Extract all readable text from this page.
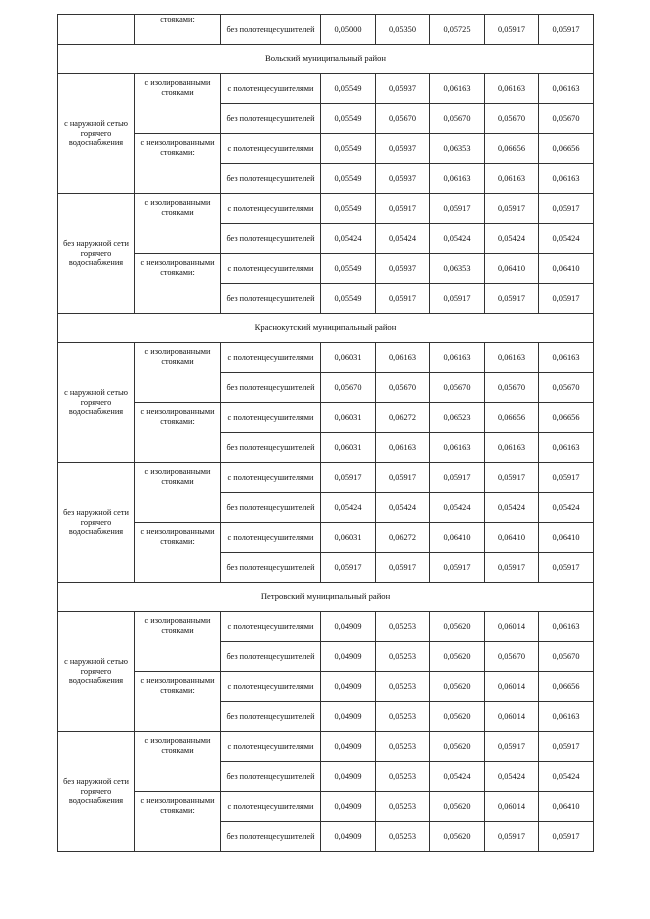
	стояками:	без полотенцесушителей	0,05000	0,05350	0,05725	0,05917	0,05917
Вольский муниципальный район							
с наружной сетью горячего водоснабжения	с изолированными стояками	с полотенцесушителями	0,05549	0,05937	0,06163	0,06163	0,06163
		без полотенцесушителей	0,05549	0,05670	0,05670	0,05670	0,05670
	с неизолированными стояками:	с полотенцесушителями	0,05549	0,05937	0,06353	0,06656	0,06656
		без полотенцесушителей	0,05549	0,05937	0,06163	0,06163	0,06163
без наружной сети горячего водоснабжения	с изолированными стояками	с полотенцесушителями	0,05549	0,05917	0,05917	0,05917	0,05917
		без полотенцесушителей	0,05424	0,05424	0,05424	0,05424	0,05424
	с неизолированными стояками:	с полотенцесушителями	0,05549	0,05937	0,06353	0,06410	0,06410
		без полотенцесушителей	0,05549	0,05917	0,05917	0,05917	0,05917
Краснокутский муниципальный район							
с наружной сетью горячего водоснабжения	с изолированными стояками	с полотенцесушителями	0,06031	0,06163	0,06163	0,06163	0,06163
		без полотенцесушителей	0,05670	0,05670	0,05670	0,05670	0,05670
	с неизолированными стояками:	с полотенцесушителями	0,06031	0,06272	0,06523	0,06656	0,06656
		без полотенцесушителей	0,06031	0,06163	0,06163	0,06163	0,06163
без наружной сети горячего водоснабжения	с изолированными стояками	с полотенцесушителями	0,05917	0,05917	0,05917	0,05917	0,05917
		без полотенцесушителей	0,05424	0,05424	0,05424	0,05424	0,05424
	с неизолированными стояками:	с полотенцесушителями	0,06031	0,06272	0,06410	0,06410	0,06410
		без полотенцесушителей	0,05917	0,05917	0,05917	0,05917	0,05917
Петровский муниципальный район							
с наружной сетью горячего водоснабжения	с изолированными стояками	с полотенцесушителями	0,04909	0,05253	0,05620	0,06014	0,06163
		без полотенцесушителей	0,04909	0,05253	0,05620	0,05670	0,05670
	с неизолированными стояками:	с полотенцесушителями	0,04909	0,05253	0,05620	0,06014	0,06656
		без полотенцесушителей	0,04909	0,05253	0,05620	0,06014	0,06163
без наружной сети горячего водоснабжения	с изолированными стояками	с полотенцесушителями	0,04909	0,05253	0,05620	0,05917	0,05917
		без полотенцесушителей	0,04909	0,05253	0,05424	0,05424	0,05424
	с неизолированными стояками:	с полотенцесушителями	0,04909	0,05253	0,05620	0,06014	0,06410
		без полотенцесушителей	0,04909	0,05253	0,05620	0,05917	0,05917
